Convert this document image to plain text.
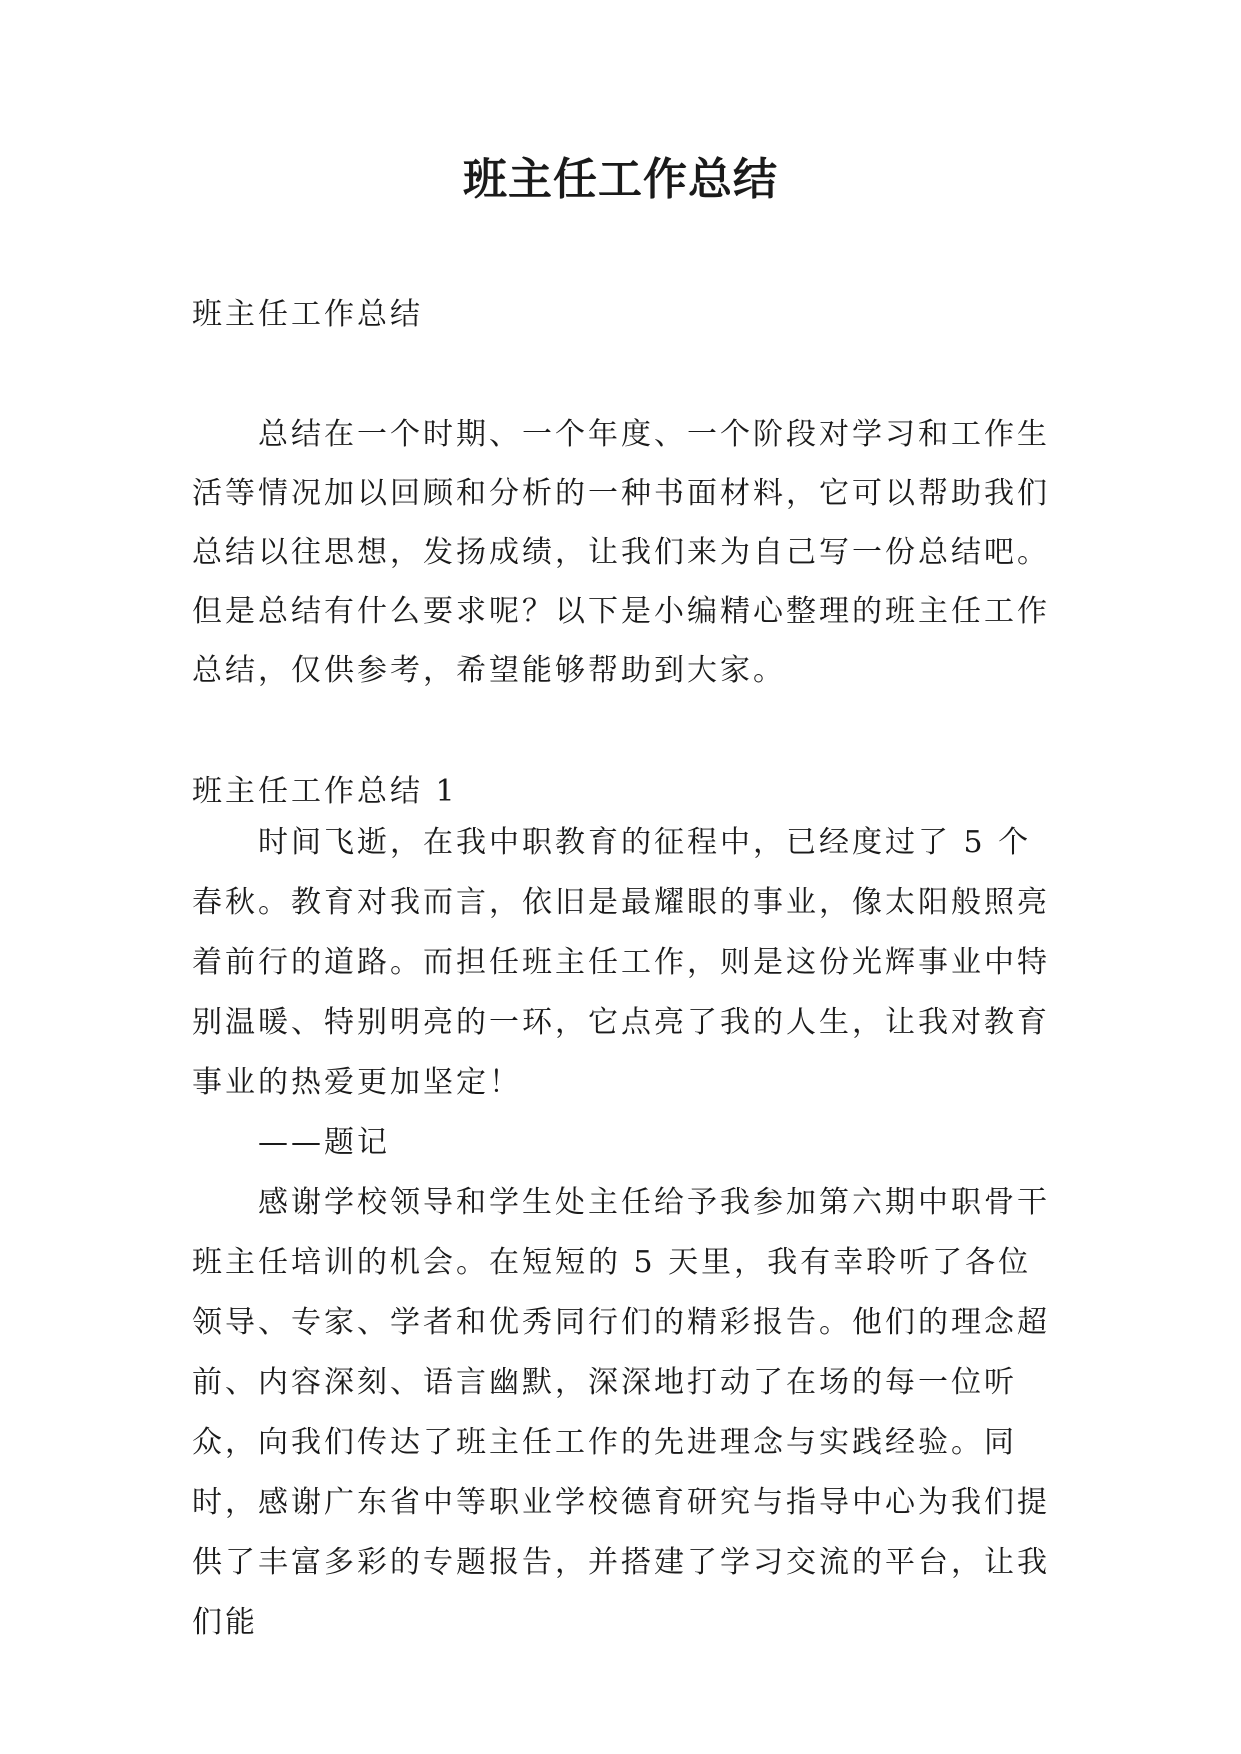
班主任工作总结

班主任工作总结

总结在一个时期、一个年度、一个阶段对学习和工作生活等情况加以回顾和分析的一种书面材料，它可以帮助我们总结以往思想，发扬成绩，让我们来为自己写一份总结吧。但是总结有什么要求呢？以下是小编精心整理的班主任工作总结，仅供参考，希望能够帮助到大家。

班主任工作总结 1

时间飞逝，在我中职教育的征程中，已经度过了 5 个春秋。教育对我而言，依旧是最耀眼的事业，像太阳般照亮着前行的道路。而担任班主任工作，则是这份光辉事业中特别温暖、特别明亮的一环，它点亮了我的人生，让我对教育事业的热爱更加坚定！

——题记

感谢学校领导和学生处主任给予我参加第六期中职骨干班主任培训的机会。在短短的 5 天里，我有幸聆听了各位领导、专家、学者和优秀同行们的精彩报告。他们的理念超前、内容深刻、语言幽默，深深地打动了在场的每一位听众，向我们传达了班主任工作的先进理念与实践经验。同时，感谢广东省中等职业学校德育研究与指导中心为我们提供了丰富多彩的专题报告，并搭建了学习交流的平台，让我们能
